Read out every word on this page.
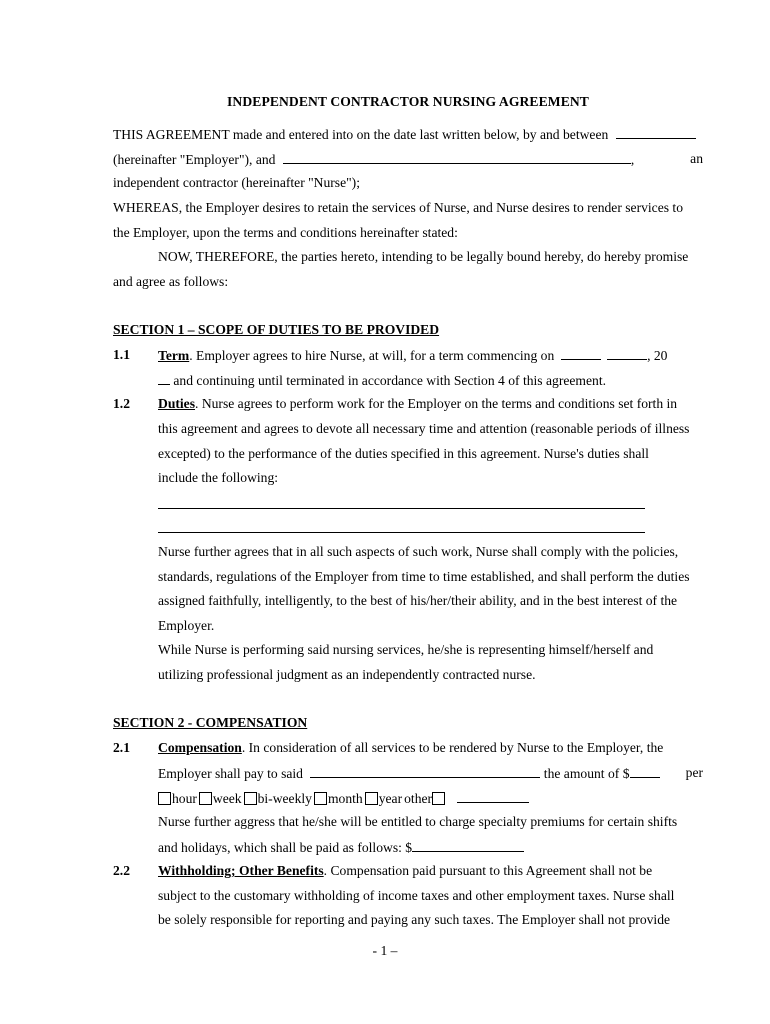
INDEPENDENT CONTRACTOR NURSING AGREEMENT
THIS AGREEMENT made and entered into on the date last written below, by and between
(hereinafter "Employer"), and	,	an
independent contractor (hereinafter "Nurse");
WHEREAS, the Employer desires to retain the services of Nurse, and Nurse desires to render services to
the Employer, upon the terms and conditions hereinafter stated:
NOW, THEREFORE, the parties hereto, intending to be legally bound hereby, do hereby promise
and agree as follows:
SECTION 1 – SCOPE OF DUTIES TO BE PROVIDED
1.1 Term. Employer agrees to hire Nurse, at will, for a term commencing on	, 20
and continuing until terminated in accordance with Section 4 of this agreement.
1.2 Duties. Nurse agrees to perform work for the Employer on the terms and conditions set forth in
this agreement and agrees to devote all necessary time and attention (reasonable periods of illness
excepted) to the performance of the duties specified in this agreement. Nurse's duties shall
include the following:
Nurse further agrees that in all such aspects of such work, Nurse shall comply with the policies,
standards, regulations of the Employer from time to time established, and shall perform the duties
assigned faithfully, intelligently, to the best of his/her/their ability, and in the best interest of the
Employer.
While Nurse is performing said nursing services, he/she is representing himself/herself and
utilizing professional judgment as an independently contracted nurse.
SECTION 2 - COMPENSATION
2.1 Compensation. In consideration of all services to be rendered by Nurse to the Employer, the
Employer shall pay to said	the amount of $	per
hour week bi-weekly month year other
Nurse further aggress that he/she will be entitled to charge specialty premiums for certain shifts
and holidays, which shall be paid as follows: $
2.2 Withholding; Other Benefits. Compensation paid pursuant to this Agreement shall not be
subject to the customary withholding of income taxes and other employment taxes. Nurse shall
be solely responsible for reporting and paying any such taxes. The Employer shall not provide
- 1 –
